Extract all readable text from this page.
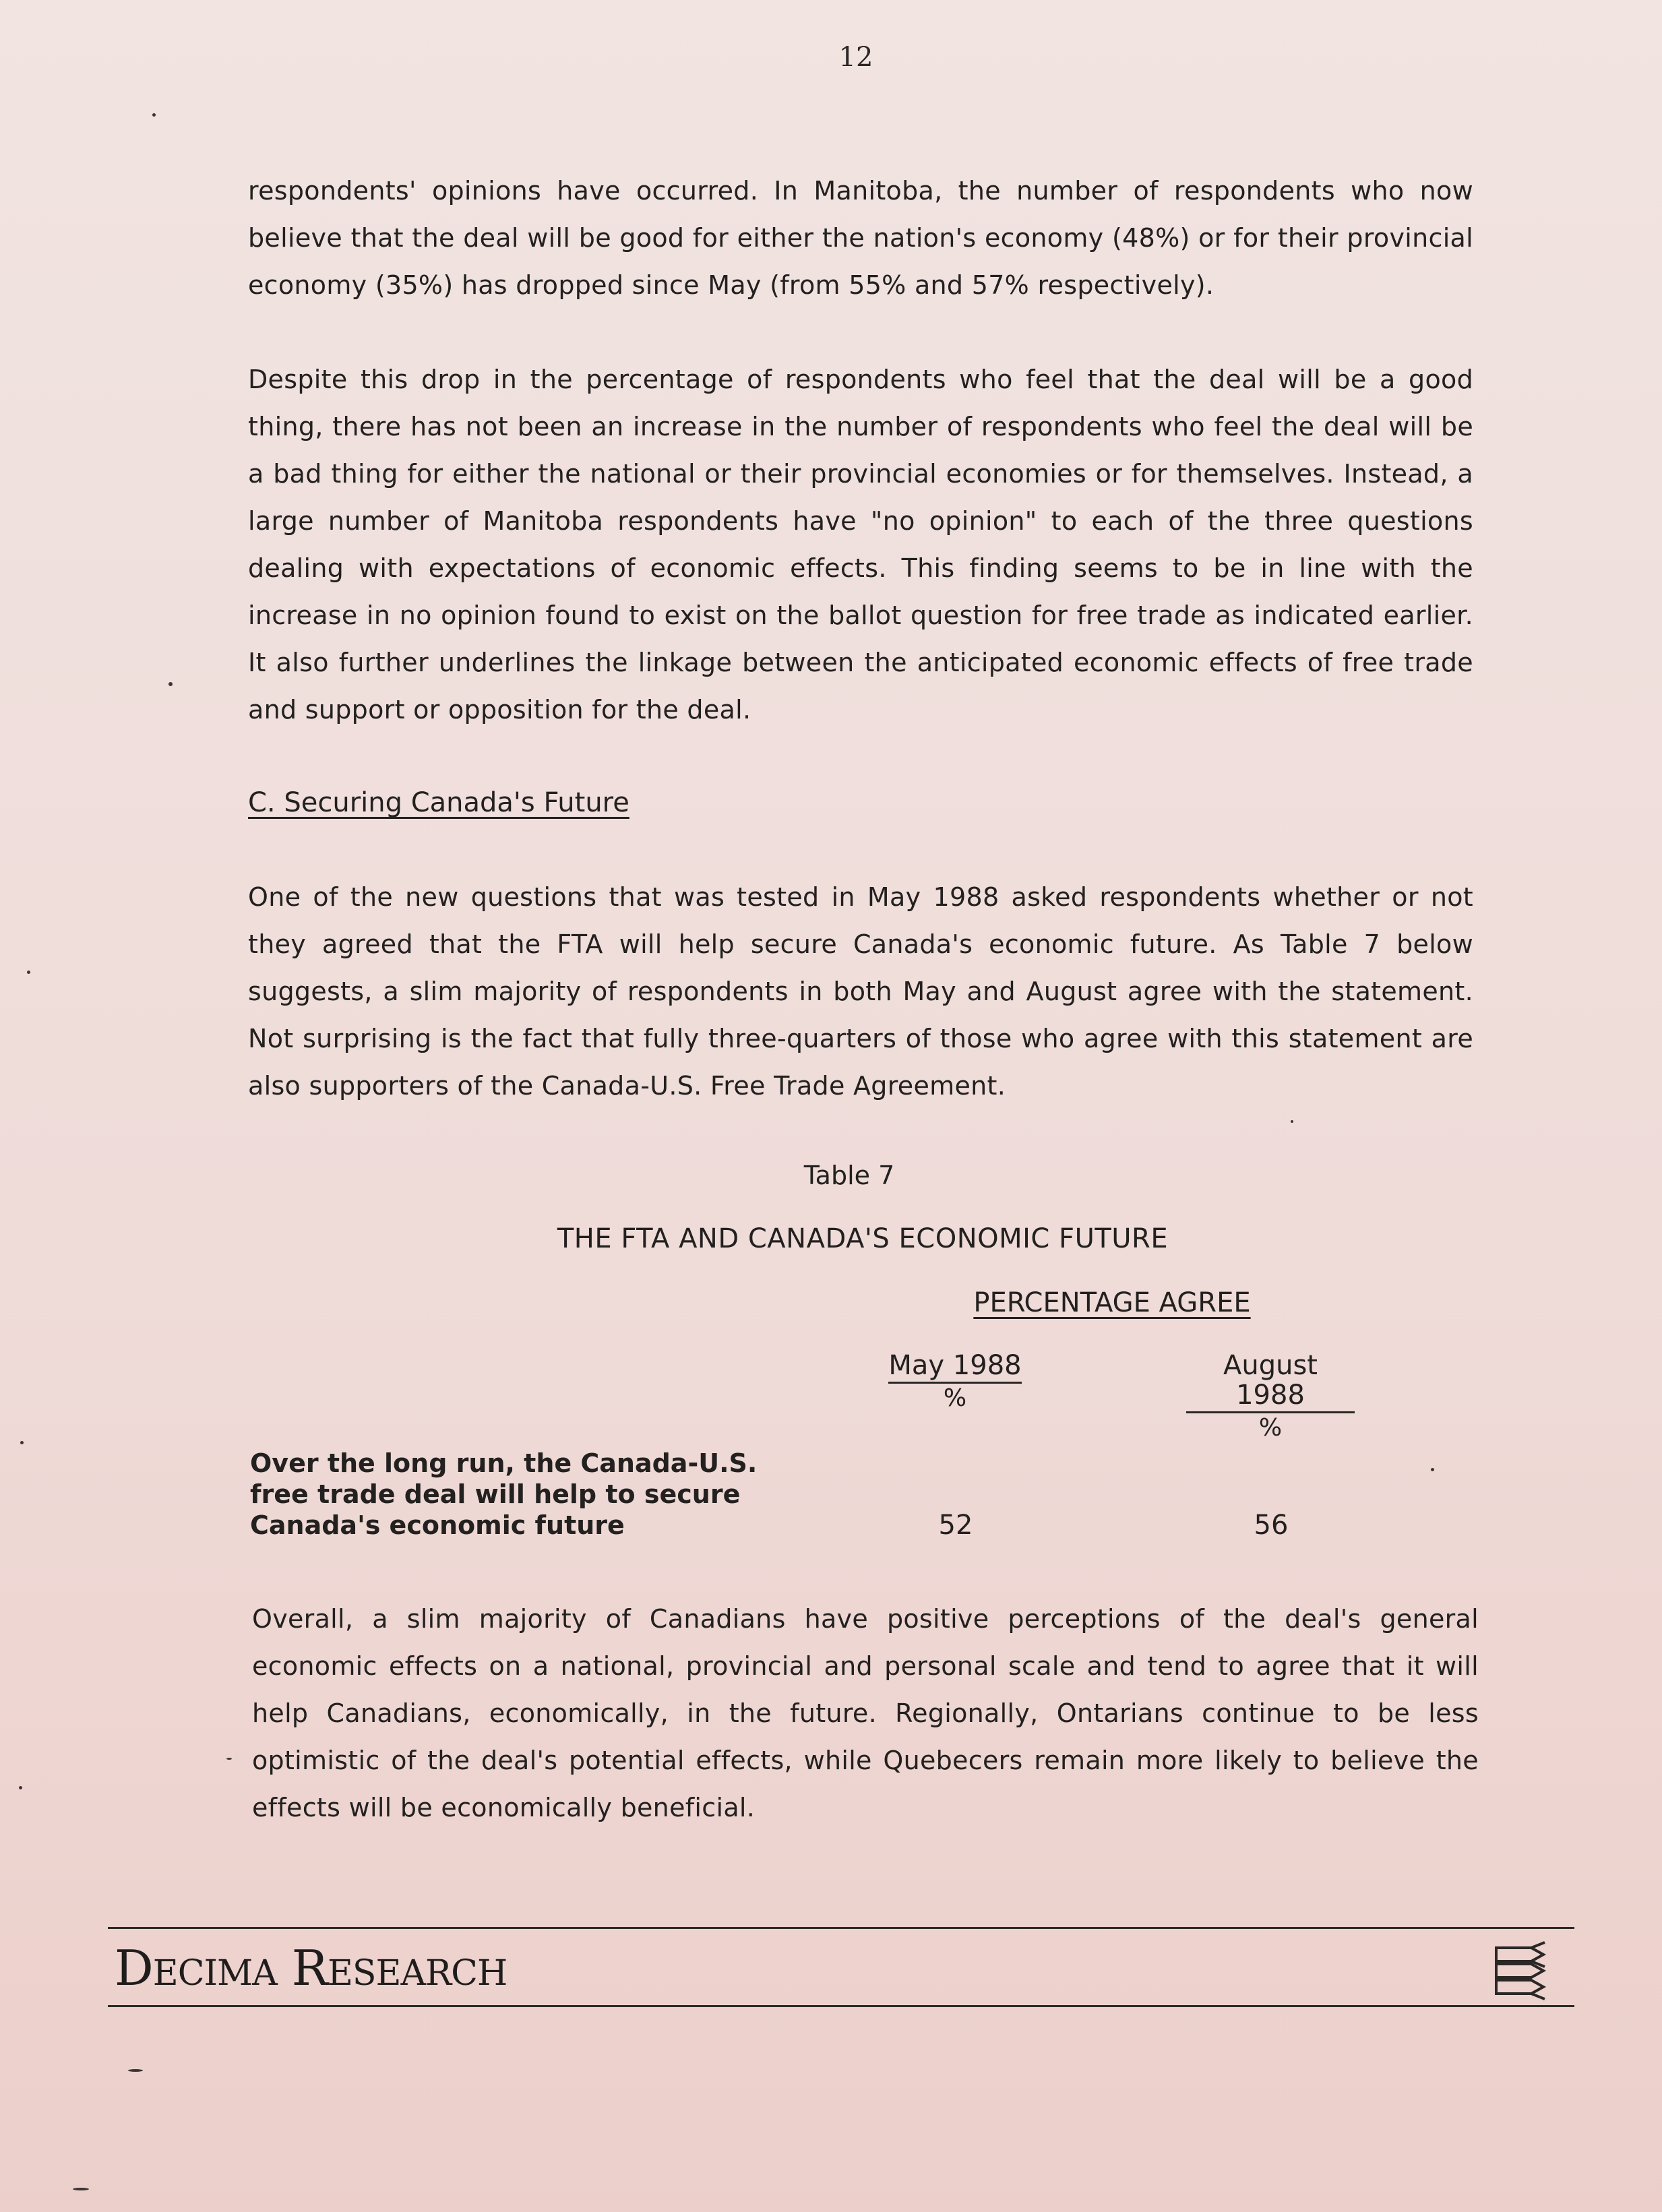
12

respondents' opinions have occurred. In Manitoba, the number of respondents who now believe that the deal will be good for either the nation's economy (48%) or for their provincial economy (35%) has dropped since May (from 55% and 57% respectively).

Despite this drop in the percentage of respondents who feel that the deal will be a good thing, there has not been an increase in the number of respondents who feel the deal will be a bad thing for either the national or their provincial economies or for themselves. Instead, a large number of Manitoba respondents have "no opinion" to each of the three questions dealing with expectations of economic effects. This finding seems to be in line with the increase in no opinion found to exist on the ballot question for free trade as indicated earlier. It also further underlines the linkage between the anticipated economic effects of free trade and support or opposition for the deal.

C. Securing Canada's Future

One of the new questions that was tested in May 1988 asked respondents whether or not they agreed that the FTA will help secure Canada's economic future. As Table 7 below suggests, a slim majority of respondents in both May and August agree with the statement. Not surprising is the fact that fully three-quarters of those who agree with this statement are also supporters of the Canada-U.S. Free Trade Agreement.

Table 7
THE FTA AND CANADA'S ECONOMIC FUTURE
PERCENTAGE AGREE
May 1988
%
August 1988
%
Over the long run, the Canada-U.S.
free trade deal will help to secure
Canada's economic future	52	56

Overall, a slim majority of Canadians have positive perceptions of the deal's general economic effects on a national, provincial and personal scale and tend to agree that it will help Canadians, economically, in the future. Regionally, Ontarians continue to be less optimistic of the deal's potential effects, while Quebecers remain more likely to believe the effects will be economically beneficial.

DECIMA RESEARCH
